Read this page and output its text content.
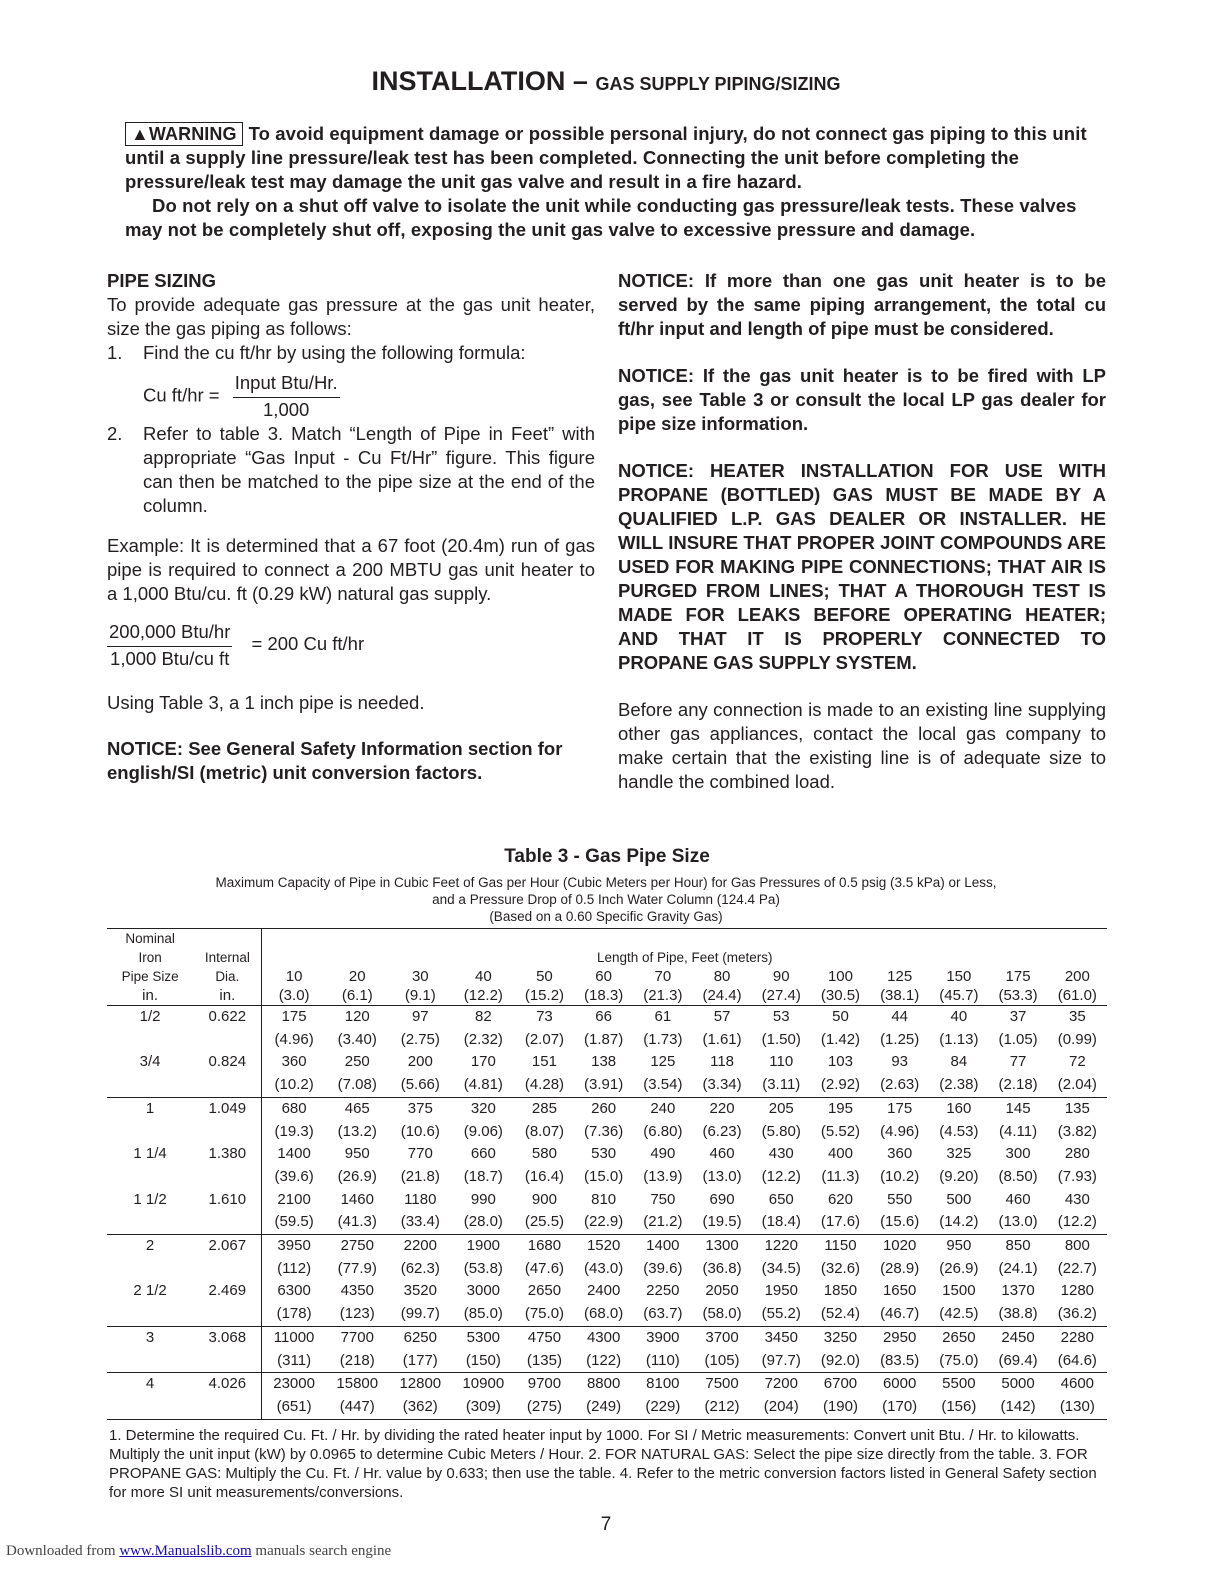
INSTALLATION – GAS SUPPLY PIPING/SIZING

▲WARNING To avoid equipment damage or possible personal injury, do not connect gas piping to this unit until a supply line pressure/leak test has been completed. Connecting the unit before completing the pressure/leak test may damage the unit gas valve and result in a fire hazard.

Do not rely on a shut off valve to isolate the unit while conducting gas pressure/leak tests. These valves may not be completely shut off, exposing the unit gas valve to excessive pressure and damage.

PIPE SIZING

To provide adequate gas pressure at the gas unit heater, size the gas piping as follows:

1.	Find the cu ft/hr by using the following formula:
Cu $ft/hr = \frac{\text{Input Btu/Hr.}}{1,000}$
2.	Refer to table 3. Match “Length of Pipe in Feet” with appropriate “Gas Input - Cu Ft/Hr” figure. This figure can then be matched to the pipe size at the end of the column.

Example: It is determined that a 67 foot (20.4m) run of gas pipe is required to connect a 200 MBTU gas unit heater to a 1,000 Btu/cu. ft (0.29 kW) natural gas supply.

$\frac{\text{200,000 Btu/hr}}{\text{1,000 Btu/cu ft}} = 200$ Cu ft/hr

Using Table 3, a 1 inch pipe is needed.

NOTICE: See General Safety Information section for english/SI (metric) unit conversion factors.

NOTICE: If more than one gas unit heater is to be served by the same piping arrangement, the total cu ft/hr input and length of pipe must be considered.

NOTICE: If the gas unit heater is to be fired with LP gas, see Table 3 or consult the local LP gas dealer for pipe size information.

NOTICE: HEATER INSTALLATION FOR USE WITH PROPANE (BOTTLED) GAS MUST BE MADE BY A QUALIFIED L.P. GAS DEALER OR INSTALLER. HE WILL INSURE THAT PROPER JOINT COMPOUNDS ARE USED FOR MAKING PIPE CONNECTIONS; THAT AIR IS PURGED FROM LINES; THAT A THOROUGH TEST IS MADE FOR LEAKS BEFORE OPERATING HEATER; AND THAT IT IS PROPERLY CONNECTED TO PROPANE GAS SUPPLY SYSTEM.

Before any connection is made to an existing line supplying other gas appliances, contact the local gas company to make certain that the existing line is of adequate size to handle the combined load.

Table 3 - Gas Pipe Size
Maximum Capacity of Pipe in Cubic Feet of Gas per Hour (Cubic Meters per Hour) for Gas Pressures of 0.5 psig (3.5 kPa) or Less,
and a Pressure Drop of 0.5 Inch Water Column (124.4 Pa)
(Based on a 0.60 Specific Gravity Gas)
Nominal		Length of Pipe, Feet (meters)													
Iron	Internal														
Pipe Size	Dia.	10	20	30	40	50	60	70	80	90	100	125	150	175	200
in.	in.	(3.0)	(6.1)	(9.1)	(12.2)	(15.2)	(18.3)	(21.3)	(24.4)	(27.4)	(30.5)	(38.1)	(45.7)	(53.3)	(61.0)
1/2	0.622	175	120	97	82	73	66	61	57	53	50	44	40	37	35
		(4.96)	(3.40)	(2.75)	(2.32)	(2.07)	(1.87)	(1.73)	(1.61)	(1.50)	(1.42)	(1.25)	(1.13)	(1.05)	(0.99)
3/4	0.824	360	250	200	170	151	138	125	118	110	103	93	84	77	72
		(10.2)	(7.08)	(5.66)	(4.81)	(4.28)	(3.91)	(3.54)	(3.34)	(3.11)	(2.92)	(2.63)	(2.38)	(2.18)	(2.04)
1	1.049	680	465	375	320	285	260	240	220	205	195	175	160	145	135
		(19.3)	(13.2)	(10.6)	(9.06)	(8.07)	(7.36)	(6.80)	(6.23)	(5.80)	(5.52)	(4.96)	(4.53)	(4.11)	(3.82)
1 1/4	1.380	1400	950	770	660	580	530	490	460	430	400	360	325	300	280
		(39.6)	(26.9)	(21.8)	(18.7)	(16.4)	(15.0)	(13.9)	(13.0)	(12.2)	(11.3)	(10.2)	(9.20)	(8.50)	(7.93)
1 1/2	1.610	2100	1460	1180	990	900	810	750	690	650	620	550	500	460	430
		(59.5)	(41.3)	(33.4)	(28.0)	(25.5)	(22.9)	(21.2)	(19.5)	(18.4)	(17.6)	(15.6)	(14.2)	(13.0)	(12.2)
2	2.067	3950	2750	2200	1900	1680	1520	1400	1300	1220	1150	1020	950	850	800
		(112)	(77.9)	(62.3)	(53.8)	(47.6)	(43.0)	(39.6)	(36.8)	(34.5)	(32.6)	(28.9)	(26.9)	(24.1)	(22.7)
2 1/2	2.469	6300	4350	3520	3000	2650	2400	2250	2050	1950	1850	1650	1500	1370	1280
		(178)	(123)	(99.7)	(85.0)	(75.0)	(68.0)	(63.7)	(58.0)	(55.2)	(52.4)	(46.7)	(42.5)	(38.8)	(36.2)
3	3.068	11000	7700	6250	5300	4750	4300	3900	3700	3450	3250	2950	2650	2450	2280
		(311)	(218)	(177)	(150)	(135)	(122)	(110)	(105)	(97.7)	(92.0)	(83.5)	(75.0)	(69.4)	(64.6)
4	4.026	23000	15800	12800	10900	9700	8800	8100	7500	7200	6700	6000	5500	5000	4600
		(651)	(447)	(362)	(309)	(275)	(249)	(229)	(212)	(204)	(190)	(170)	(156)	(142)	(130)
1. Determine the required Cu. Ft. / Hr. by dividing the rated heater input by 1000. For SI / Metric measurements: Convert unit Btu. / Hr. to kilowatts. Multiply the unit input (kW) by 0.0965 to determine Cubic Meters / Hour. 2. FOR NATURAL GAS: Select the pipe size directly from the table. 3. FOR PROPANE GAS: Multiply the Cu. Ft. / Hr. value by 0.633; then use the table. 4. Refer to the metric conversion factors listed in General Safety section for more SI unit measurements/conversions.
7
Downloaded from www.Manualslib.com manuals search engine
